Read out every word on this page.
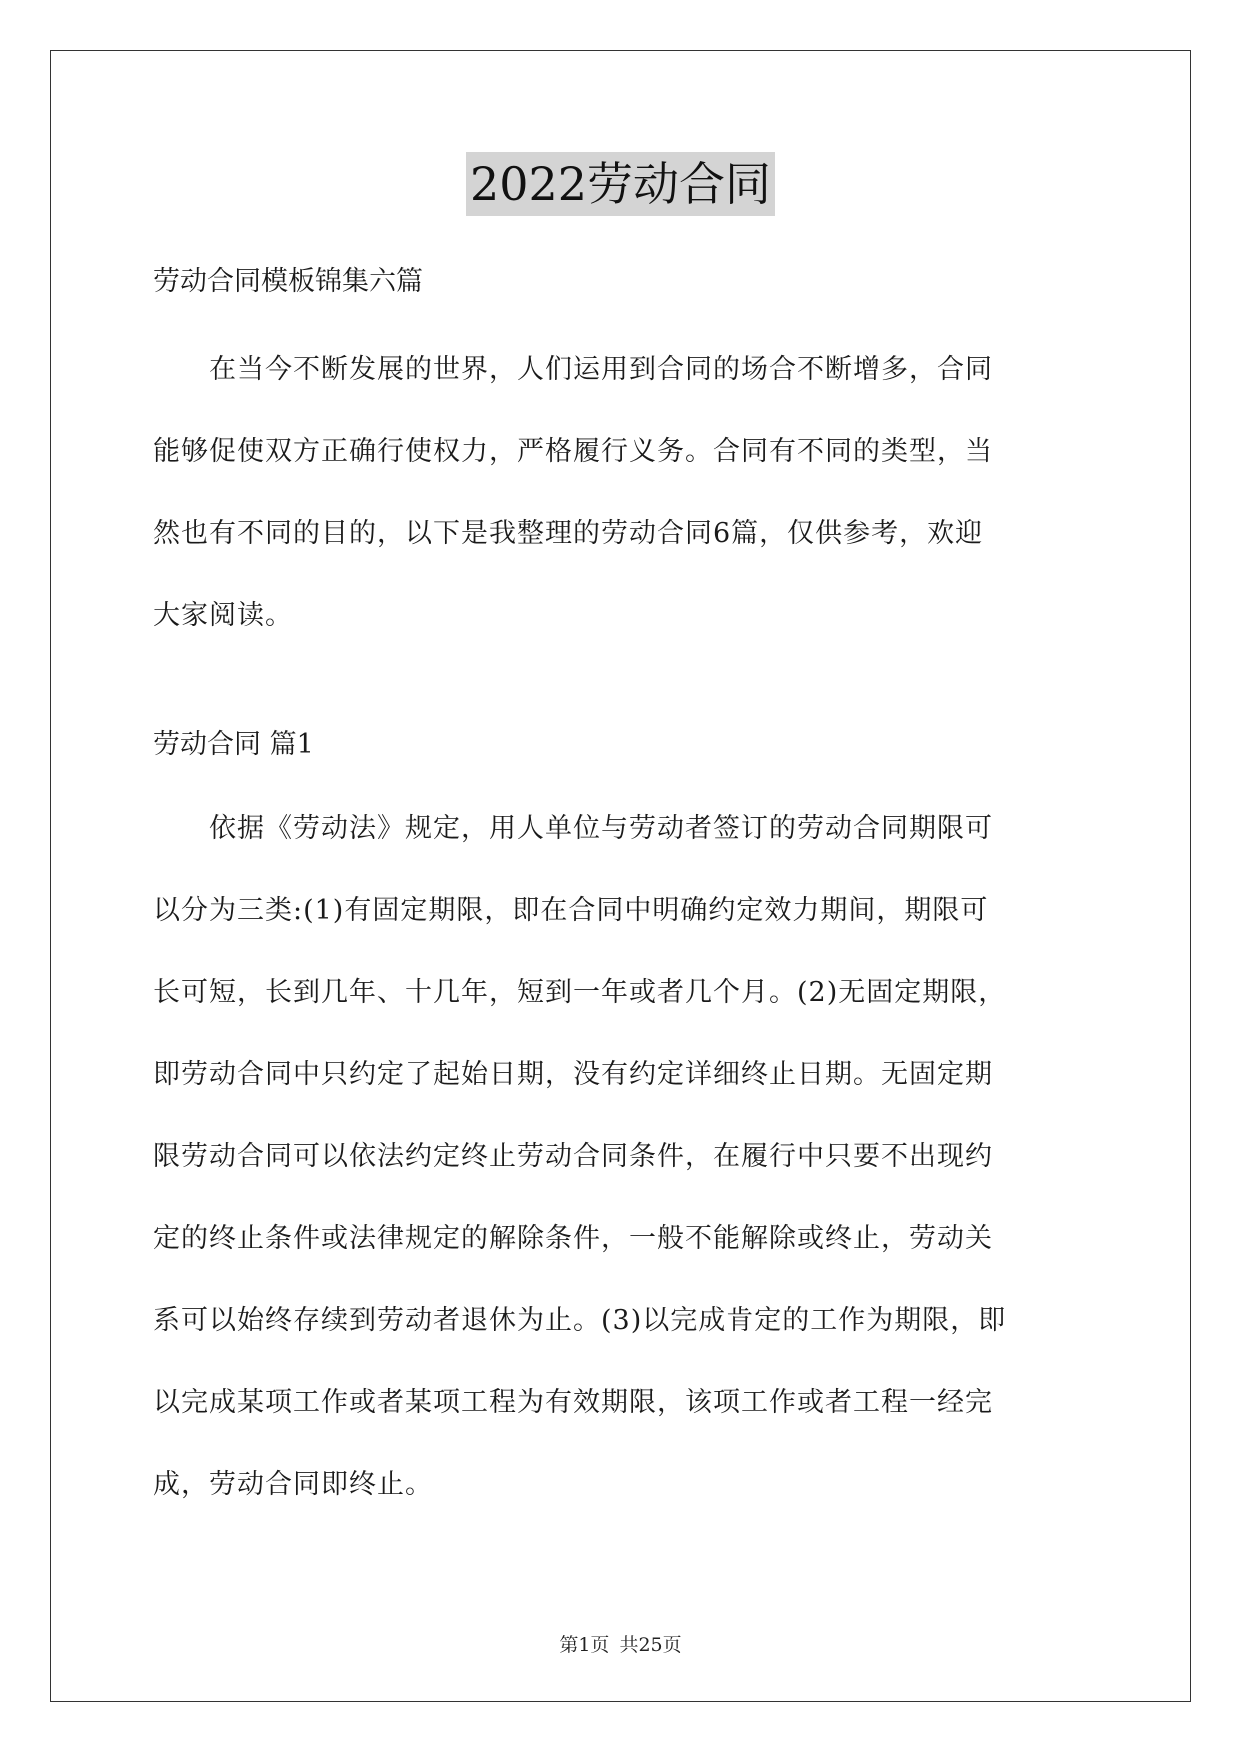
2022劳动合同
劳动合同模板锦集六篇

　　在当今不断发展的世界，人们运用到合同的场合不断增多，合同
能够促使双方正确行使权力，严格履行义务。合同有不同的类型，当
然也有不同的目的，以下是我整理的劳动合同6篇，仅供参考，欢迎
大家阅读。

劳动合同 篇1

　　依据《劳动法》规定，用人单位与劳动者签订的劳动合同期限可
以分为三类:(1)有固定期限，即在合同中明确约定效力期间，期限可
长可短，长到几年、十几年，短到一年或者几个月。(2)无固定期限，
即劳动合同中只约定了起始日期，没有约定详细终止日期。无固定期
限劳动合同可以依法约定终止劳动合同条件，在履行中只要不出现约
定的终止条件或法律规定的解除条件，一般不能解除或终止，劳动关
系可以始终存续到劳动者退休为止。(3)以完成肯定的工作为期限，即
以完成某项工作或者某项工程为有效期限，该项工作或者工程一经完
成，劳动合同即终止。

第1页 共25页
